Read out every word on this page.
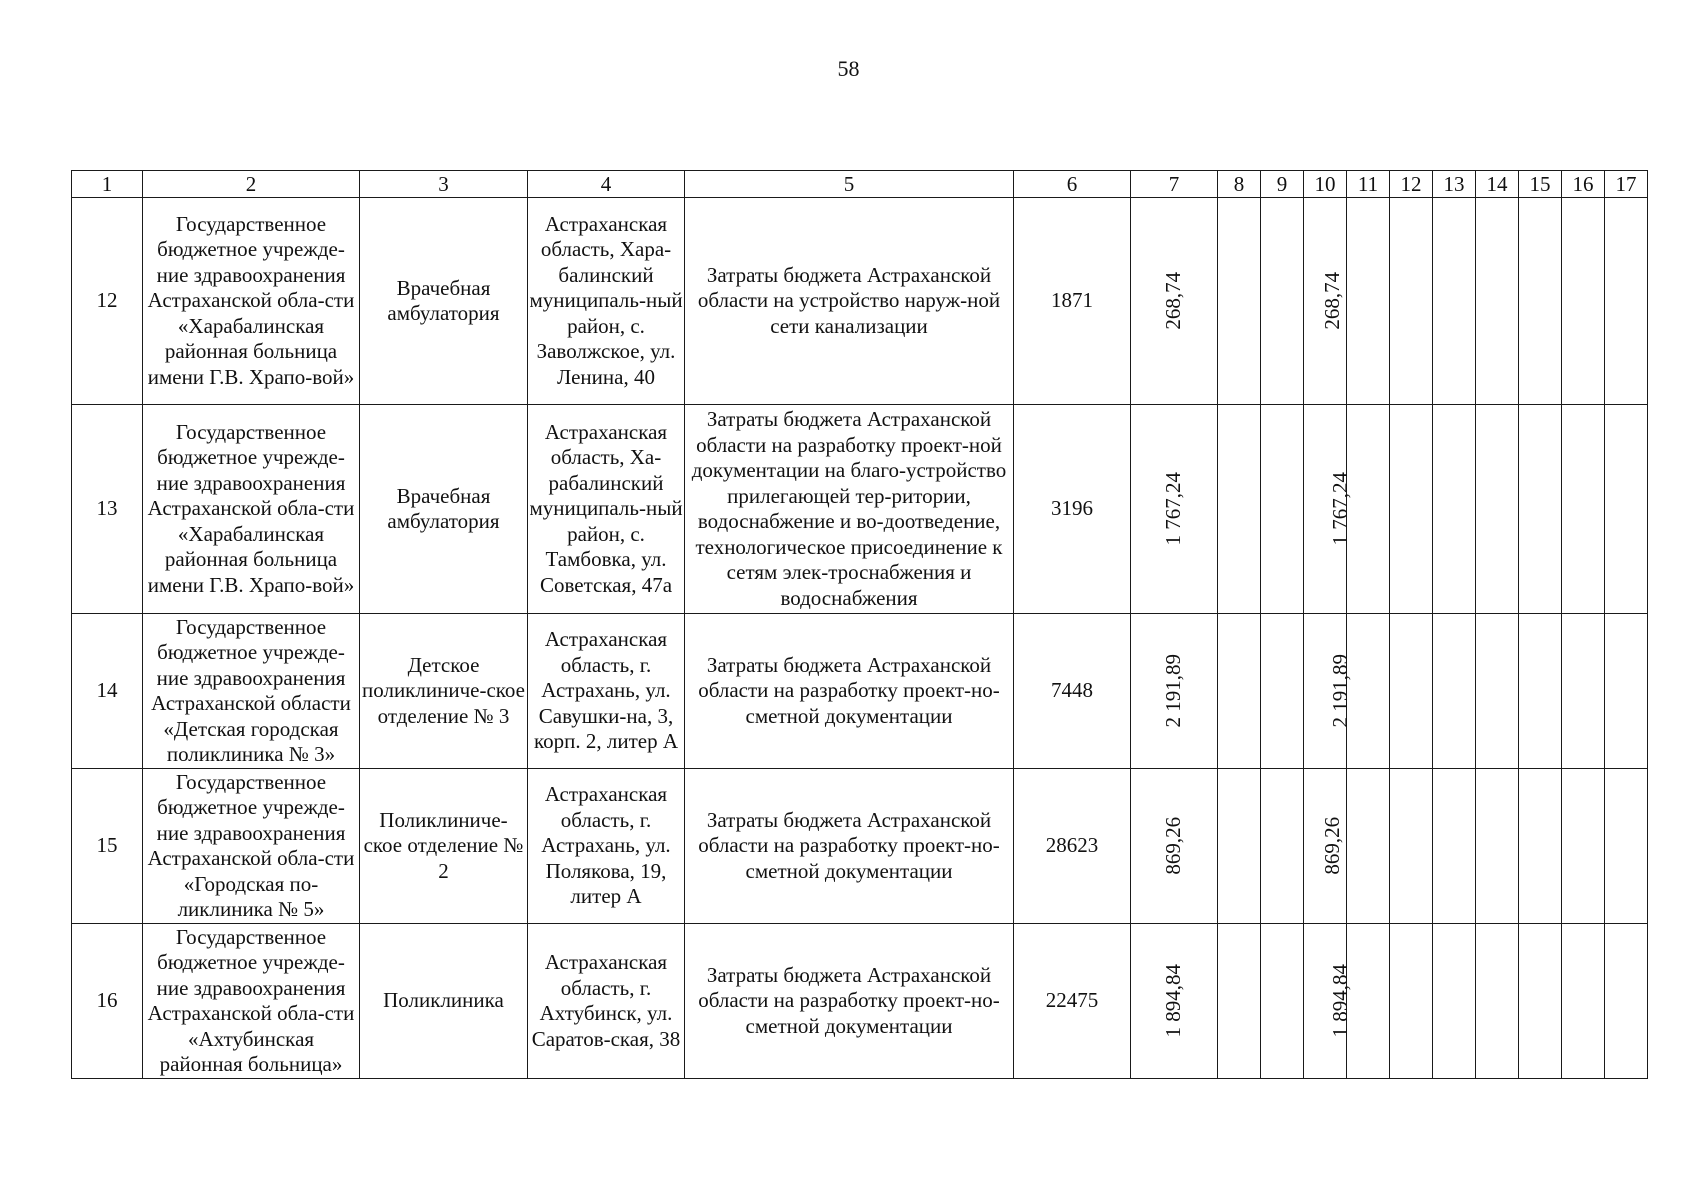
58
1	2	3	4	5	6	7	8	9	10	11	12	13	14	15	16	17
12	Государственное бюджетное учрежде-ние здравоохранения Астраханской обла-сти «Харабалинская районная больница имени Г.В. Храпо-вой»	Врачебная амбулатория	Астраханская область, Хара-балинский муниципаль-ный район, с. Заволжское, ул. Ленина, 40	Затраты бюджета Астраханской области на устройство наруж-ной сети канализации	1871	268,74			268,74							
13	Государственное бюджетное учрежде-ние здравоохранения Астраханской обла-сти «Харабалинская районная больница имени Г.В. Храпо-вой»	Врачебная амбулатория	Астраханская область, Ха-рабалинский муниципаль-ный район, с. Тамбовка, ул. Советская, 47а	Затраты бюджета Астраханской области на разработку проект-ной документации на благо-устройство прилегающей тер-ритории, водоснабжение и во-доотведение, технологическое присоединение к сетям элек-троснабжения и водоснабжения	3196	1 767,24			1 767,24							
14	Государственное бюджетное учрежде-ние здравоохранения Астраханской области «Детская городская поликлиника № 3»	Детское поликлиниче-ское отделение № 3	Астраханская область, г. Астрахань, ул. Савушки-на, 3, корп. 2, литер А	Затраты бюджета Астраханской области на разработку проект-но-сметной документации	7448	2 191,89			2 191,89							
15	Государственное бюджетное учрежде-ние здравоохранения Астраханской обла-сти «Городская по-ликлиника № 5»	Поликлиниче-ское отделение № 2	Астраханская область, г. Астрахань, ул. Полякова, 19, литер А	Затраты бюджета Астраханской области на разработку проект-но-сметной документации	28623	869,26			869,26							
16	Государственное бюджетное учрежде-ние здравоохранения Астраханской обла-сти «Ахтубинская районная больница»	Поликлиника	Астраханская область, г. Ахтубинск, ул. Саратов-ская, 38	Затраты бюджета Астраханской области на разработку проект-но-сметной документации	22475	1 894,84			1 894,84							
